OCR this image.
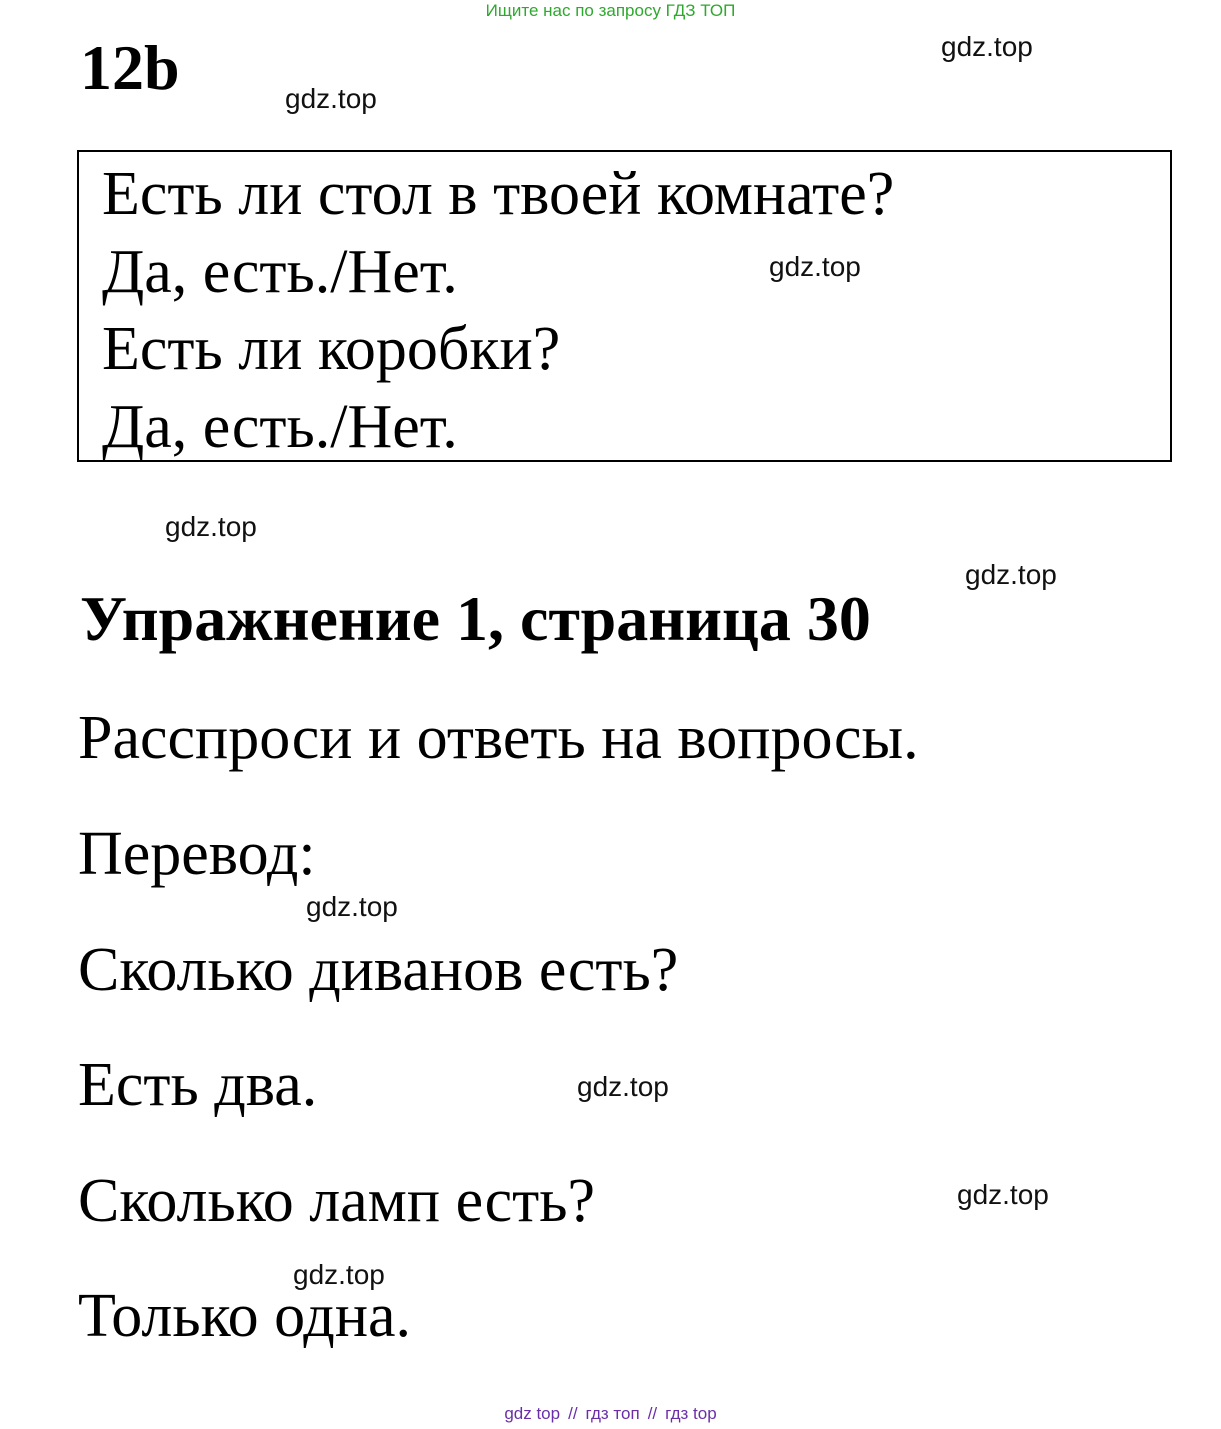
Ищите нас по запросу ГДЗ ТОП
12b
Есть ли стол в твоей комнате?
Да, есть./Нет.
Есть ли коробки?
Да, есть./Нет.
Упражнение 1, страница 30
Расспроси и ответь на вопросы.
Перевод:
Сколько диванов есть?
Есть два.
Сколько ламп есть?
Только одна.
gdz.top
gdz.top
gdz.top
gdz.top
gdz.top
gdz.top
gdz.top
gdz.top
gdz.top
gdz top // гдз топ // гдз top
